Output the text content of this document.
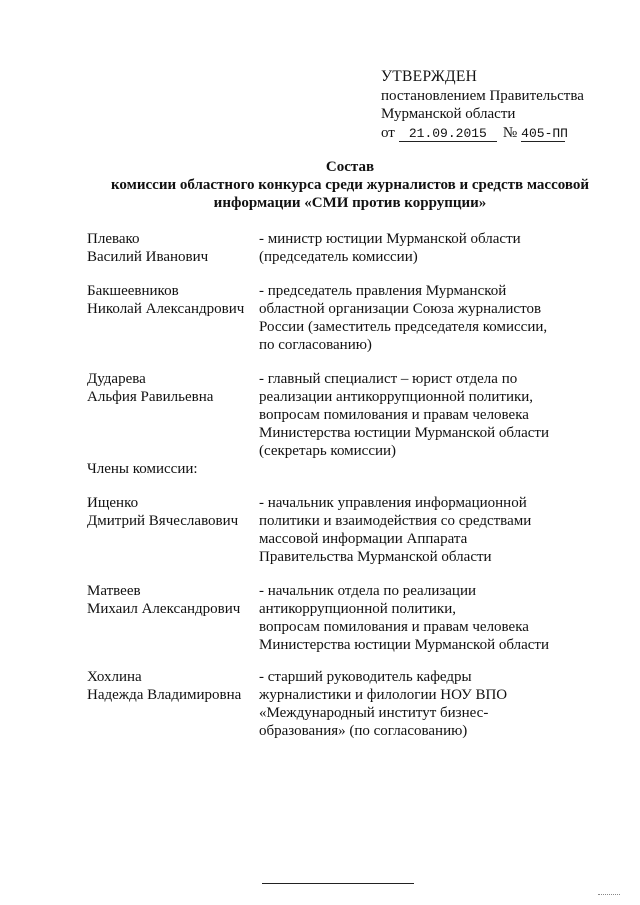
УТВЕРЖДЕН
постановлением Правительства
Мурманской области
от 21.09.2015 № 405-ПП
Состав
комиссии областного конкурса среди журналистов и средств массовой
информации «СМИ против коррупции»
Плевако
Василий Иванович
- министр юстиции Мурманской области
(председатель комиссии)
Бакшеевников
Николай Александрович
- председатель правления Мурманской
областной организации Союза журналистов
России (заместитель председателя комиссии,
по согласованию)
Дударева
Альфия Равильевна
- главный специалист – юрист отдела по
реализации антикоррупционной политики,
вопросам помилования и правам человека
Министерства юстиции Мурманской области
(секретарь комиссии)
Члены комиссии:
Ищенко
Дмитрий Вячеславович
- начальник управления информационной
политики и взаимодействия со средствами
массовой информации Аппарата
Правительства Мурманской области
Матвеев
Михаил Александрович
- начальник отдела по реализации
антикоррупционной политики,
вопросам помилования и правам человека
Министерства юстиции Мурманской области
Хохлина
Надежда Владимировна
- старший руководитель кафедры
журналистики и филологии НОУ ВПО
«Международный институт бизнес-
образования» (по согласованию)
